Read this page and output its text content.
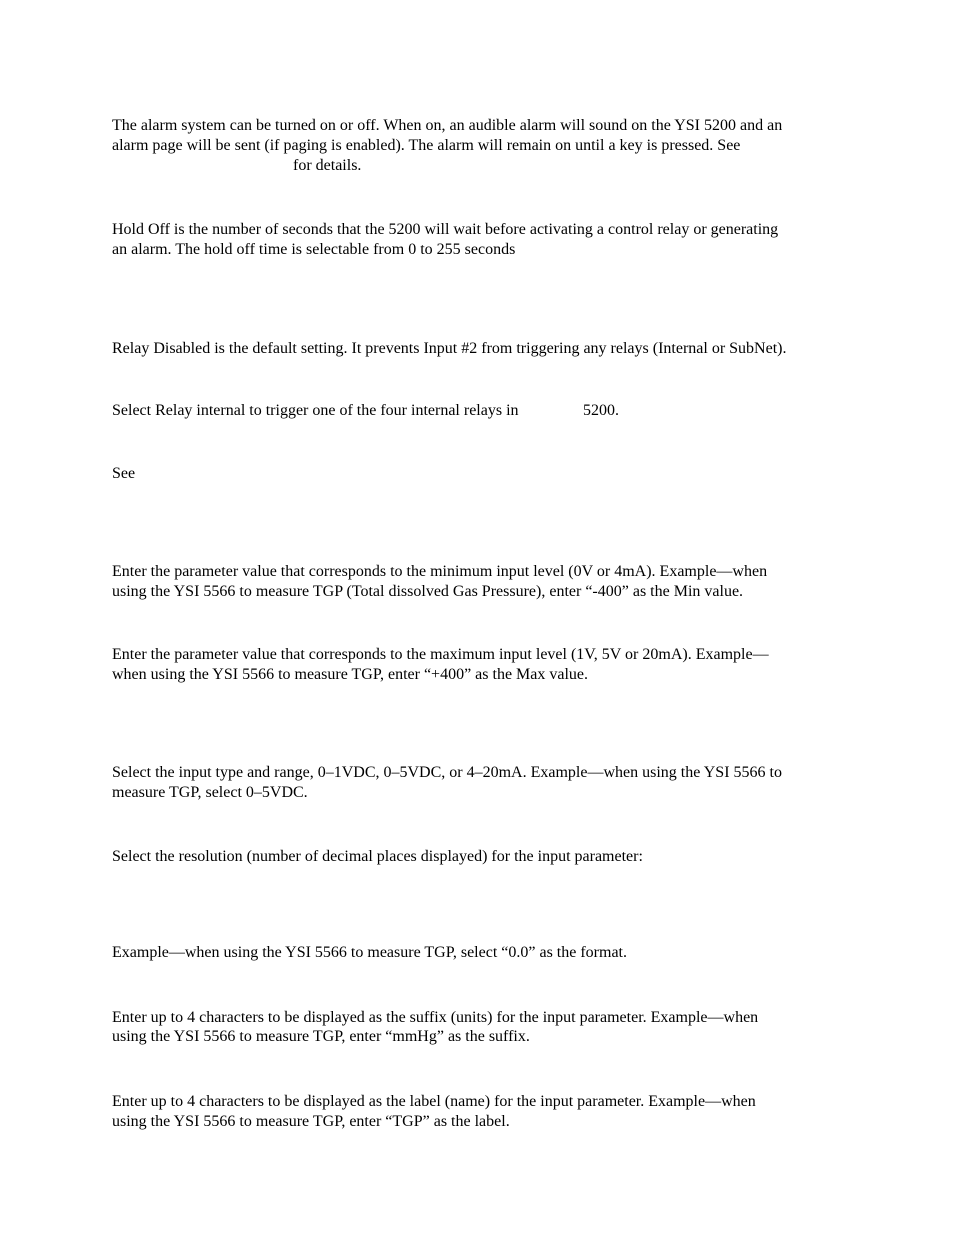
The alarm system can be turned on or off. When on, an audible alarm will sound on the YSI 5200 and an
alarm page will be sent (if paging is enabled). The alarm will remain on until a key is pressed. See
for details.
Hold Off is the number of seconds that the 5200 will wait before activating a control relay or generating
an alarm. The hold off time is selectable from 0 to 255 seconds
Relay Disabled is the default setting. It prevents Input #2 from triggering any relays (Internal or SubNet).
Select Relay internal to trigger one of the four internal relays in	5200.
See
Enter the parameter value that corresponds to the minimum input level (0V or 4mA). Example—when
using the YSI 5566 to measure TGP (Total dissolved Gas Pressure), enter “-400” as the Min value.
Enter the parameter value that corresponds to the maximum input level (1V, 5V or 20mA). Example—
when using the YSI 5566 to measure TGP, enter “+400” as the Max value.
Select the input type and range, 0–1VDC, 0–5VDC, or 4–20mA. Example—when using the YSI 5566 to
measure TGP, select 0–5VDC.
Select the resolution (number of decimal places displayed) for the input parameter:
Example—when using the YSI 5566 to measure TGP, select “0.0” as the format.
Enter up to 4 characters to be displayed as the suffix (units) for the input parameter. Example—when
using the YSI 5566 to measure TGP, enter “mmHg” as the suffix.
Enter up to 4 characters to be displayed as the label (name) for the input parameter. Example—when
using the YSI 5566 to measure TGP, enter “TGP” as the label.
